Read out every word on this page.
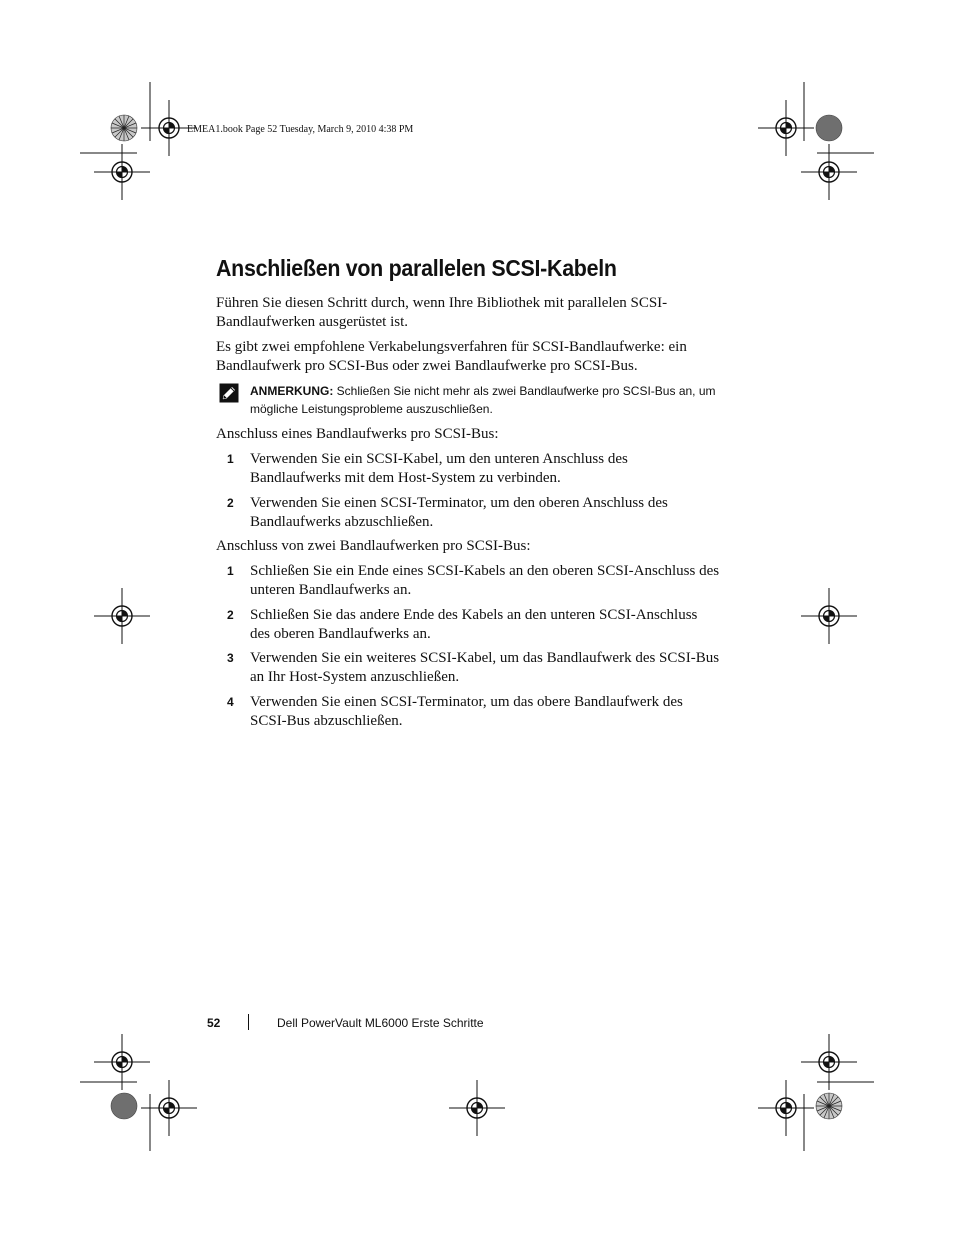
EMEA1.book Page 52 Tuesday, March 9, 2010 4:38 PM
Anschließen von parallelen SCSI-Kabeln

Führen Sie diesen Schritt durch, wenn Ihre Bibliothek mit parallelen SCSI-Bandlaufwerken ausgerüstet ist.

Es gibt zwei empfohlene Verkabelungsverfahren für SCSI-Bandlaufwerke: ein Bandlaufwerk pro SCSI-Bus oder zwei Bandlaufwerke pro SCSI-Bus.

ANMERKUNG: Schließen Sie nicht mehr als zwei Bandlaufwerke pro SCSI-Bus an, um mögliche Leistungsprobleme auszuschließen.

Anschluss eines Bandlaufwerks pro SCSI-Bus:

1 Verwenden Sie ein SCSI-Kabel, um den unteren Anschluss des Bandlaufwerks mit dem Host-System zu verbinden.

2 Verwenden Sie einen SCSI-Terminator, um den oberen Anschluss des Bandlaufwerks abzuschließen.

Anschluss von zwei Bandlaufwerken pro SCSI-Bus:

1 Schließen Sie ein Ende eines SCSI-Kabels an den oberen SCSI-Anschluss des unteren Bandlaufwerks an.

2 Schließen Sie das andere Ende des Kabels an den unteren SCSI-Anschluss des oberen Bandlaufwerks an.

3 Verwenden Sie ein weiteres SCSI-Kabel, um das Bandlaufwerk des SCSI-Bus an Ihr Host-System anzuschließen.

4 Verwenden Sie einen SCSI-Terminator, um das obere Bandlaufwerk des SCSI-Bus abzuschließen.

52	Dell PowerVault ML6000 Erste Schritte
